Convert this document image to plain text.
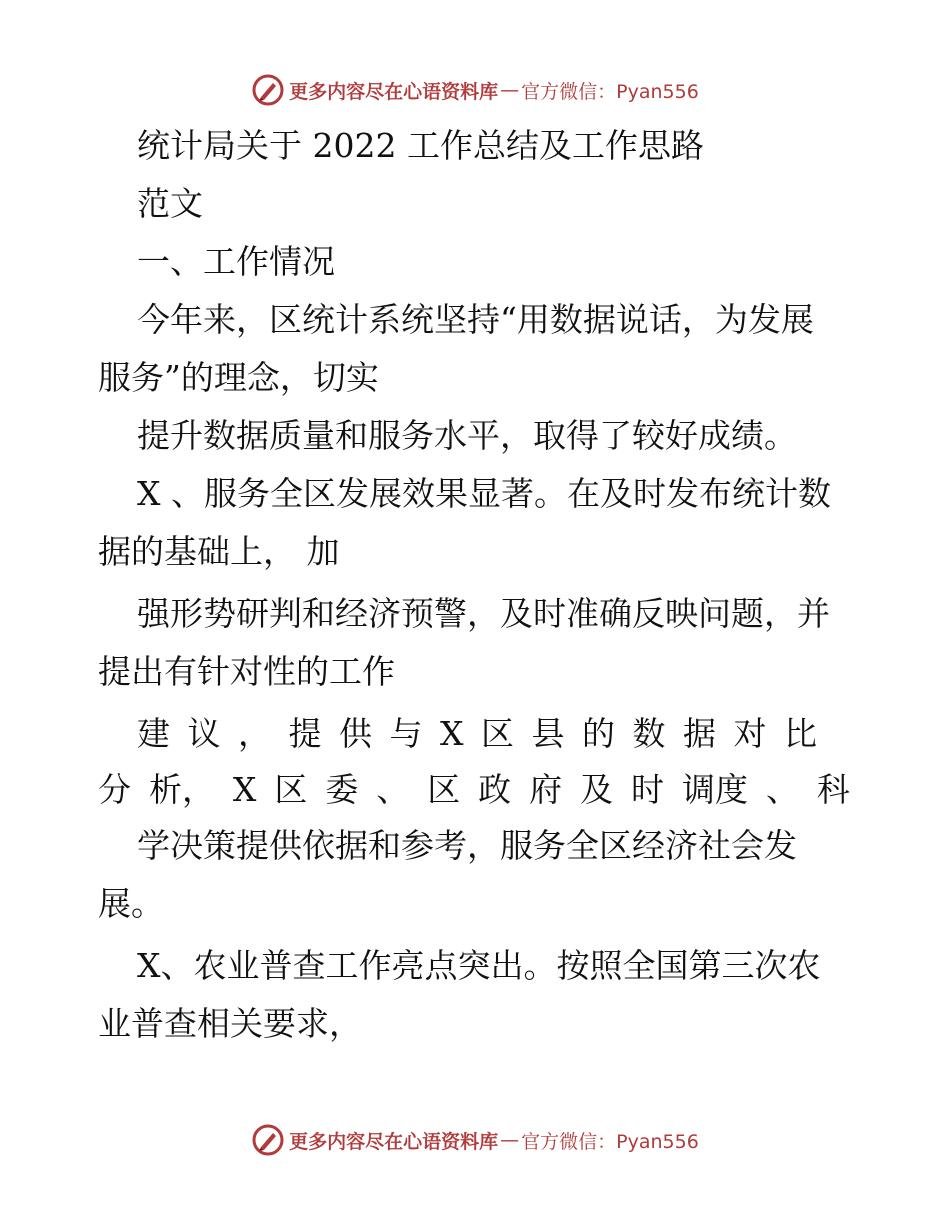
更多内容尽在心语资料库 — 官方微信：Pyan556
统计局关于 2022 工作总结及工作思路
范文
一、工作情况
今年来，区统计系统坚持“用数据说话，为发展
服务”的理念，切实
提升数据质量和服务水平，取得了较好成绩。
X 、服务全区发展效果显著。在及时发布统计数
据的基础上， 加
强形势研判和经济预警，及时准确反映问题，并
提出有针对性的工作
建 议 ， 提 供 与 X 区 县 的 数 据 对 比
分 析， X 区 委 、 区 政 府 及 时 调度 、 科
学决策提供依据和参考，服务全区经济社会发
展。
X、农业普查工作亮点突出。按照全国第三次农
业普查相关要求，
更多内容尽在心语资料库 — 官方微信：Pyan556
